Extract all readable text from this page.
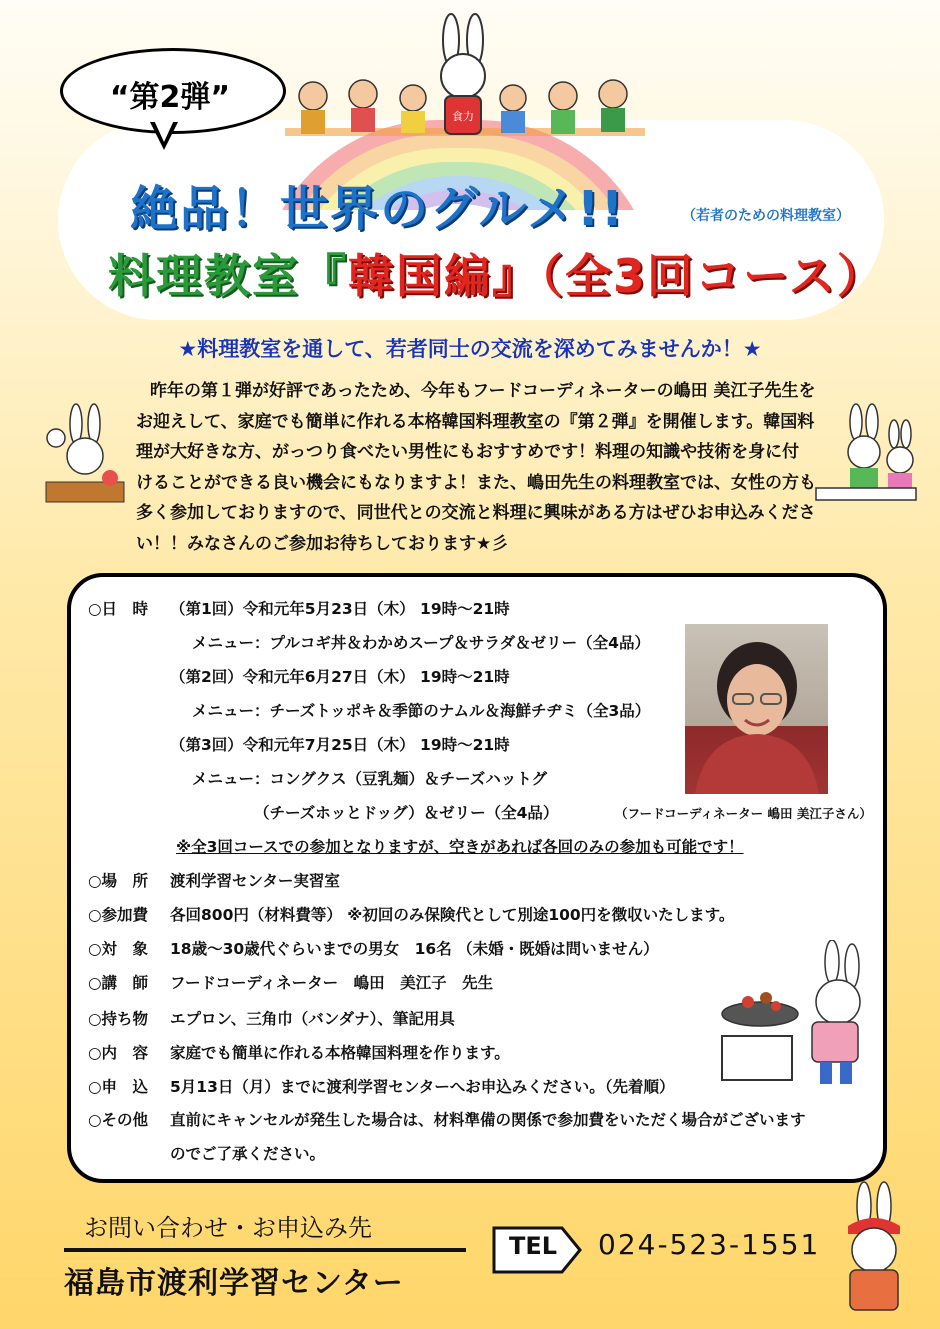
食力
“第2弾”
絶品！世界のグルメ!!	（若者のための料理教室）
料理教室『韓国編』（全3回コース）
★料理教室を通して、若者同士の交流を深めてみませんか！★
昨年の第１弾が好評であったため、今年もフードコーディネーターの嶋田 美江子先生をお迎えして、家庭でも簡単に作れる本格韓国料理教室の『第２弾』を開催します。韓国料理が大好きな方、がっつり食べたい男性にもおすすめです！料理の知識や技術を身に付けることができる良い機会にもなりますよ！また、嶋田先生の料理教室では、女性の方も多く参加しておりますので、同世代との交流と料理に興味がある方はぜひお申込みください！！みなさんのご参加お待ちしております★彡
○日　時 （第1回）令和元年5月23日（木） 19時～21時
メニュー：プルコギ丼＆わかめスープ＆サラダ＆ゼリー（全4品）
（第2回）令和元年6月27日（木） 19時～21時
メニュー：チーズトッポキ＆季節のナムル＆海鮮チヂミ（全3品）
（第3回）令和元年7月25日（木） 19時～21時
メニュー：コングクス（豆乳麺）＆チーズハットグ
（チーズホッとドッグ）＆ゼリー（全4品）	（フードコーディネーター 嶋田 美江子さん）
※全3回コースでの参加となりますが、空きがあれば各回のみの参加も可能です！
○場　所 渡利学習センター実習室
○参加費 各回800円（材料費等） ※初回のみ保険代として別途100円を徴収いたします。
○対　象 18歳～30歳代ぐらいまでの男女　16名 （未婚・既婚は問いません）
○講　師 フードコーディネーター　嶋田　美江子　先生
○持ち物 エプロン、三角巾（バンダナ）、筆記用具
○内　容 家庭でも簡単に作れる本格韓国料理を作ります。
○申　込 5月13日（月）までに渡利学習センターへお申込みください。（先着順）
○その他 直前にキャンセルが発生した場合は、材料準備の関係で参加費をいただく場合がございます
のでご了承ください。
お問い合わせ・お申込み先
福島市渡利学習センター
TEL	024-523-1551
